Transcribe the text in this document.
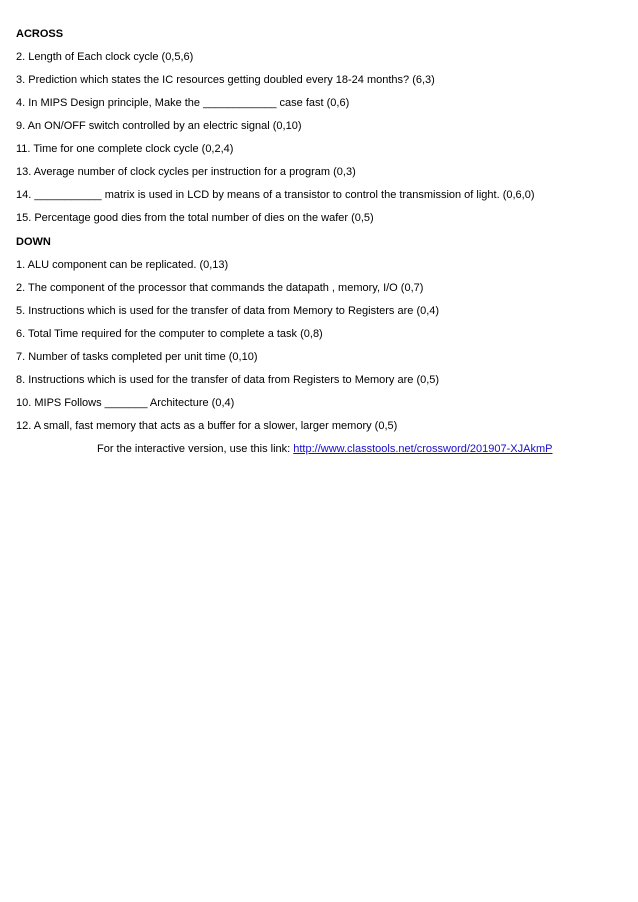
ACROSS
2. Length of Each clock cycle (0,5,6)
3. Prediction which states the IC resources getting doubled every 18-24 months? (6,3)
4. In MIPS Design principle, Make the ____________ case fast (0,6)
9. An ON/OFF switch controlled by an electric signal (0,10)
11. Time for one complete clock cycle (0,2,4)
13. Average number of clock cycles per instruction for a program (0,3)
14. ___________ matrix is used in LCD by means of a transistor to control the transmission of light. (0,6,0)
15. Percentage good dies from the total number of dies on the wafer (0,5)
DOWN
1. ALU component can be replicated. (0,13)
2. The component of the processor that commands the datapath , memory, I/O (0,7)
5. Instructions which is used for the transfer of data from Memory to Registers are (0,4)
6. Total Time required for the computer to complete a task (0,8)
7. Number of tasks completed per unit time (0,10)
8. Instructions which is used for the transfer of data from Registers to Memory are (0,5)
10. MIPS Follows _______ Architecture (0,4)
12. A small, fast memory that acts as a buffer for a slower, larger memory (0,5)
For the interactive version, use this link: http://www.classtools.net/crossword/201907-XJAkmP
